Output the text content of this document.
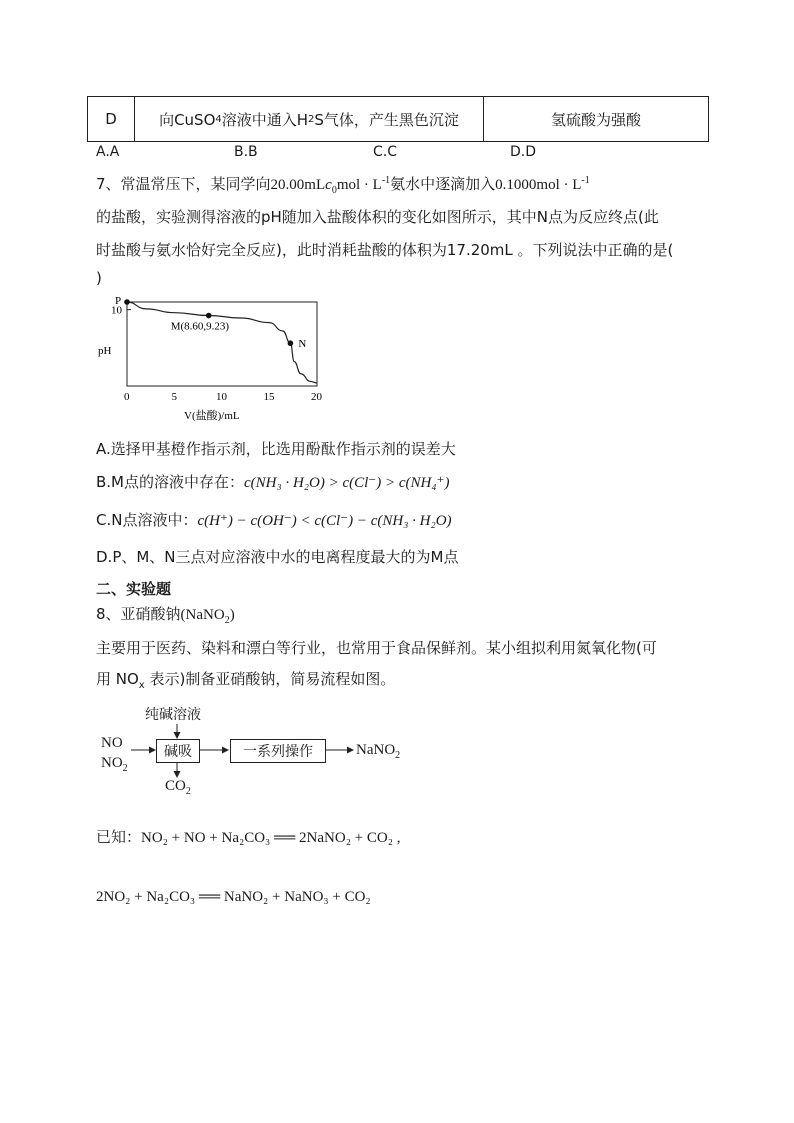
D	向CuSO 4 溶液中通入H 2 S气体，产生黑色沉淀	氢硫酸为强酸
A.A	B.B	C.C	D.D
7、常温常压下，某同学向$20.00mLc_0mol \cdot L^{-1}$氨水中逐滴加入$0.1000mol \cdot L^{-1}$
的盐酸，实验测得溶液的pH随加入盐酸体积的变化如图所示，其中N点为反应终点(此
时盐酸与氨水恰好完全反应)，此时消耗盐酸的体积为17.20mL 。下列说法中正确的是(
)
0	5	10	15	20
10
P
M(8.60,9.23)
N
pH
V(盐酸)/mL
A.选择甲基橙作指示剂，比选用酚酞作指示剂的误差大
B.M点的溶液中存在：c(NH₃ · H₂O) > c(Cl⁻) > c(NH₄⁺)
C.N点溶液中：c(H⁺) − c(OH⁻) < c(Cl⁻) − c(NH₃ · H₂O)
D.P、M、N三点对应溶液中水的电离程度最大的为M点
二、实验题
8、亚硝酸钠(NaNO$_2$)
主要用于医药、染料和漂白等行业，也常用于食品保鲜剂。某小组拟利用氮氧化物(可
用 $NO_x$ 表示)制备亚硝酸钠，简易流程如图。
纯碱溶液
NO
$NO_2$
碱吸	一系列操作	NaNO$_2$
$CO_2$
已知：NO₂ + NO + Na₂CO₃ ══ 2NaNO₂ + CO₂ ,
2NO₂ + Na₂CO₃ ══ NaNO₂ + NaNO₃ + CO₂
